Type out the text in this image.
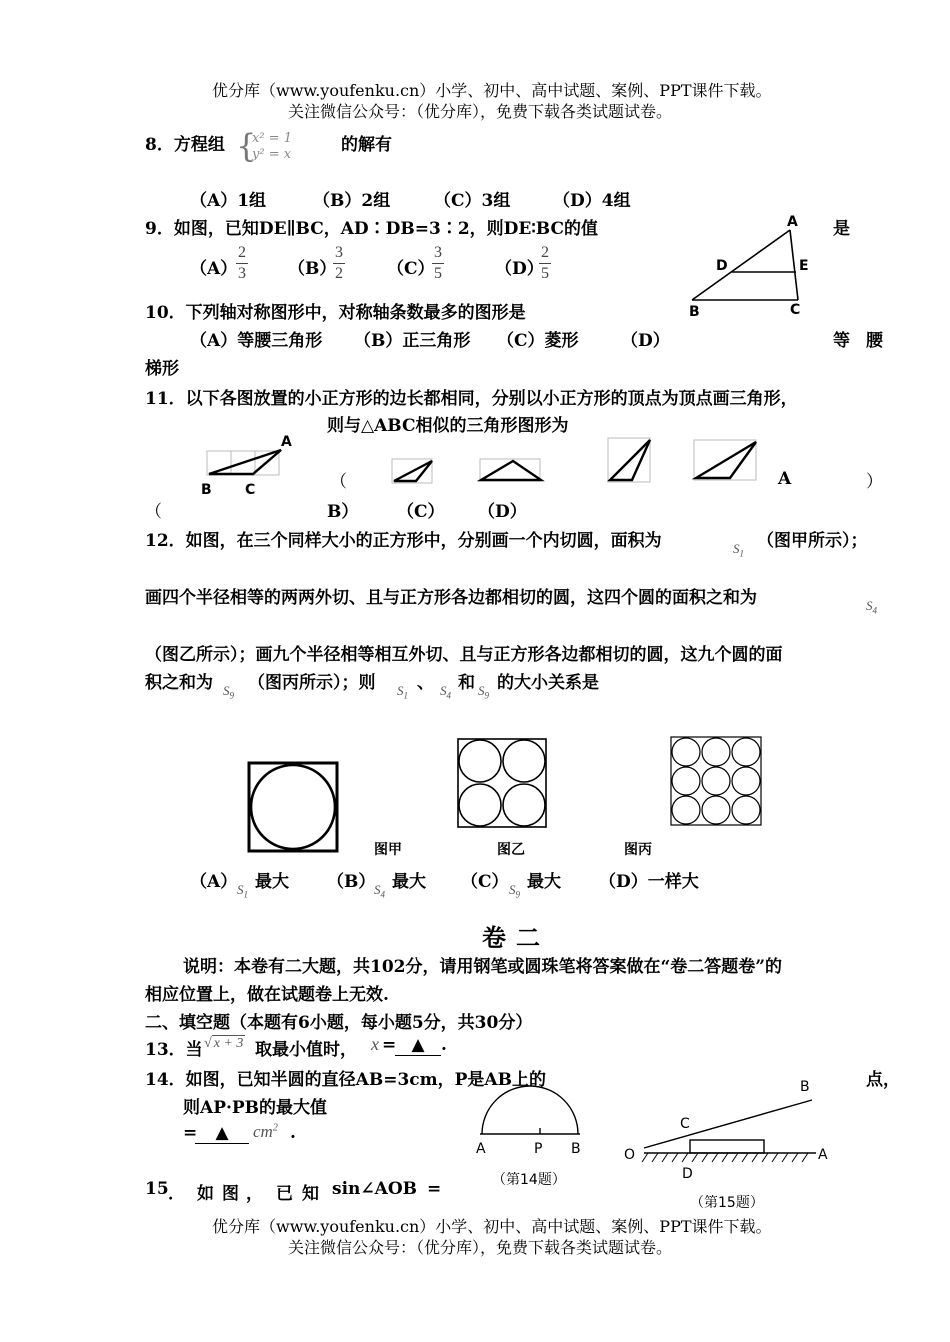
优分库（www.youfenku.cn）小学、初中、高中试题、案例、PPT课件下载。
关注微信公众号：（优分库），免费下载各类试题试卷。
8．方程组 {
x² = 1
y² = x	的解有
（A）1组	（B）2组	（C）3组	（D）4组
9．如图，已知DE∥BC，AD∶DB=3∶2，则DE∶BC的值	是
（A）
$\frac{2}{3} (B)$
$\frac{3}{2} (C)$
$\frac{3}{5}$	（D）
$\frac{2}{5}$
A
D	E
B	C
10．下列轴对称图形中，对称轴条数最多的图形是
（A）等腰三角形 （B）正三角形 （C）菱形 （D）	等 腰
梯形
11．以下各图放置的小正方形的边长都相同，分别以小正方形的顶点为顶点画三角形，
则与△ABC相似的三角形图形为
A
B C	（	A	）
（	B） （C） （D）
12．如图，在三个同样大小的正方形中，分别画一个内切圆，面积为	$S_1$
（图甲所示）；
画四个半径相等的两两外切、且与正方形各边都相切的圆，这四个圆的面积之和为	$S_4$
（图乙所示）；画九个半径相等相互外切、且与正方形各边都相切的圆，这九个圆的面
积之和为 $S_9$
（图丙所示）；则 $S_1$
、 $S_4$
和 $S_9$
的大小关系是
图甲	图乙	图丙
（A） $S_1$
最大 （B）
$S_4$
最大 （C） $S_9$
最大 （D）一样大
卷二
说明：本卷有二大题，共102分，请用钢笔或圆珠笔将答案做在“卷二答题卷”的
相应位置上，做在试题卷上无效.
二、填空题（本题有6小题，每小题5分，共30分）
13．当 √ x + 3 取最小值时， x = ▲ .
14．如图，已知半圆的直径AB=3cm，P是AB上的	点，
则AP·PB的最大值
=	▲	$cm^2$ .
A	P B
（第14题）
15 ． 如 图 ， 已 知 sin∠AOB =
O	A
B
C
D
（第15题）
优分库（www.youfenku.cn）小学、初中、高中试题、案例、PPT课件下载。
关注微信公众号：（优分库），免费下载各类试题试卷。
